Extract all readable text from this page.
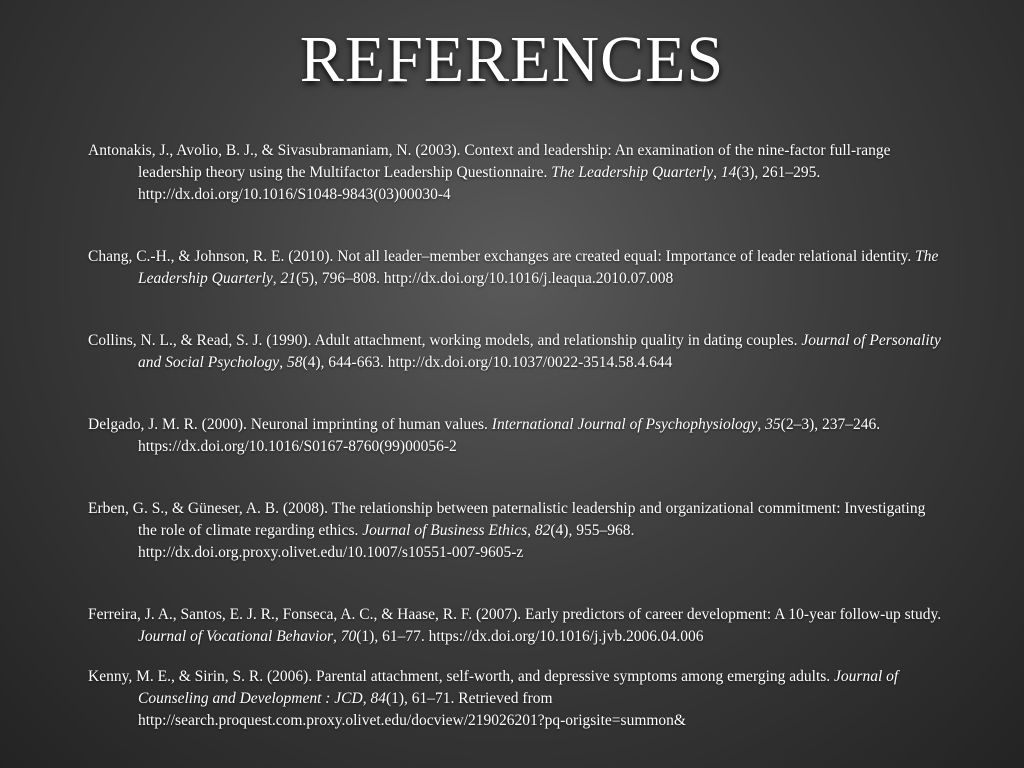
REFERENCES
Antonakis, J., Avolio, B. J., & Sivasubramaniam, N. (2003). Context and leadership: An examination of the nine-factor full-range leadership theory using the Multifactor Leadership Questionnaire. The Leadership Quarterly, 14(3), 261–295. http://dx.doi.org/10.1016/S1048-9843(03)00030-4
Chang, C.-H., & Johnson, R. E. (2010). Not all leader–member exchanges are created equal: Importance of leader relational identity. The Leadership Quarterly, 21(5), 796–808. http://dx.doi.org/10.1016/j.leaqua.2010.07.008
Collins, N. L., & Read, S. J. (1990). Adult attachment, working models, and relationship quality in dating couples. Journal of Personality and Social Psychology, 58(4), 644-663. http://dx.doi.org/10.1037/0022-3514.58.4.644
Delgado, J. M. R. (2000). Neuronal imprinting of human values. International Journal of Psychophysiology, 35(2–3), 237–246. https://dx.doi.org/10.1016/S0167-8760(99)00056-2
Erben, G. S., & Güneser, A. B. (2008). The relationship between paternalistic leadership and organizational commitment: Investigating the role of climate regarding ethics. Journal of Business Ethics, 82(4), 955–968. http://dx.doi.org.proxy.olivet.edu/10.1007/s10551-007-9605-z
Ferreira, J. A., Santos, E. J. R., Fonseca, A. C., & Haase, R. F. (2007). Early predictors of career development: A 10-year follow-up study. Journal of Vocational Behavior, 70(1), 61–77. https://dx.doi.org/10.1016/j.jvb.2006.04.006
Kenny, M. E., & Sirin, S. R. (2006). Parental attachment, self-worth, and depressive symptoms among emerging adults. Journal of Counseling and Development : JCD, 84(1), 61–71. Retrieved from http://search.proquest.com.proxy.olivet.edu/docview/219026201?pq-origsite=summon&
